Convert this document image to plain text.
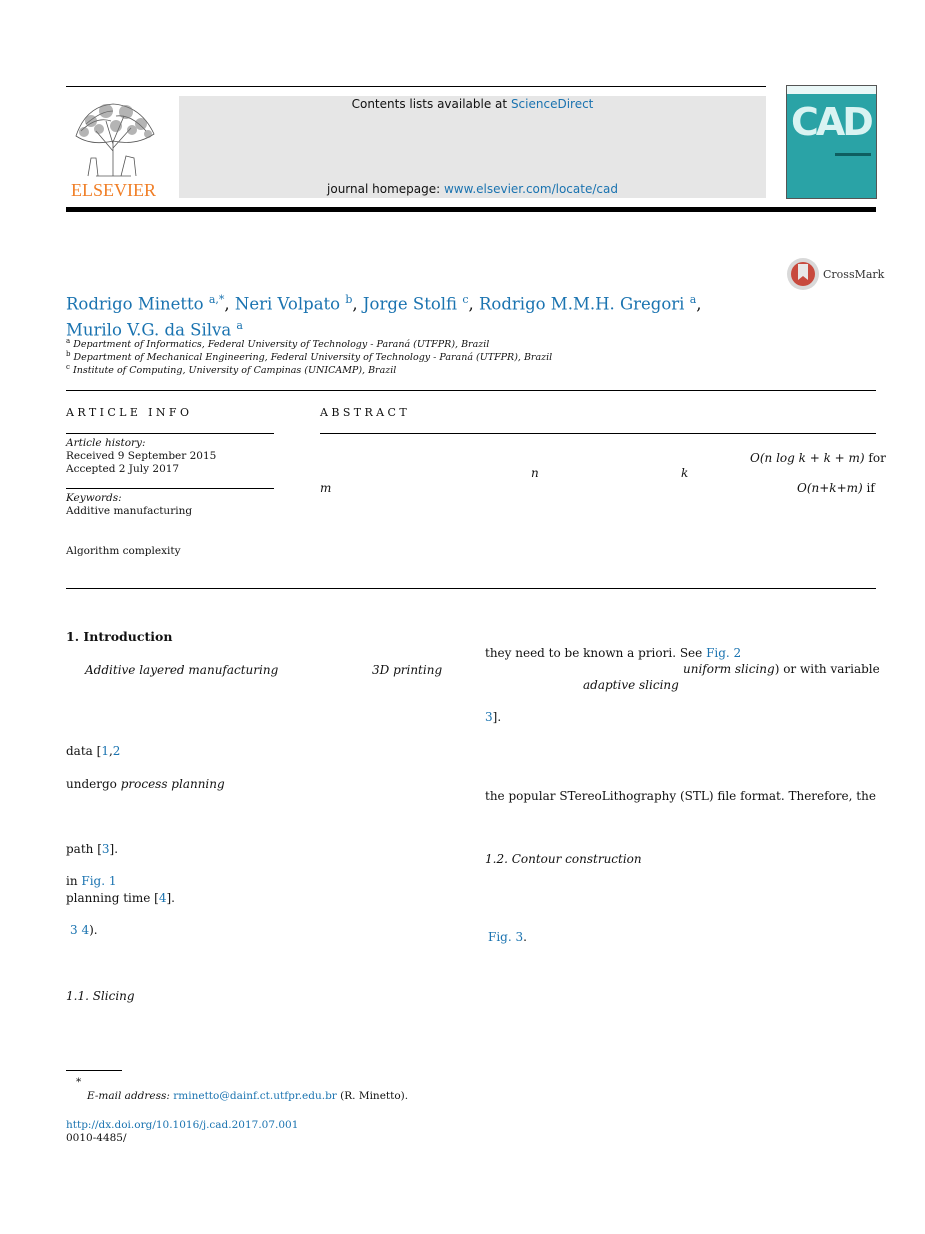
ELSEVIER
Contents lists available at ScienceDirect
journal homepage: www.elsevier.com/locate/cad
CAD
CrossMark
Rodrigo Minetto $^{a,*}$, Neri Volpato $^b$, Jorge Stolfi $^c$, Rodrigo M.M.H. Gregori $^a$,
Murilo V.G. da Silva $^a$
$^a$ Department of Informatics, Federal University of Technology - Paraná (UTFPR), Brazil
$^b$ Department of Mechanical Engineering, Federal University of Technology - Paraná (UTFPR), Brazil
$^c$ Institute of Computing, University of Campinas (UNICAMP), Brazil
ARTICLE INFO
Article history:
Received 9 September 2015
Accepted 2 July 2017
Keywords:
Additive manufacturing
Algorithm complexity
ABSTRACT
O(n log k + k + m) for
n	k
m	O(n+k+m) if
1. Introduction
Additive layered manufacturing	3D printing
data [1,2
undergo process planning
path [3].
in Fig. 1
planning time [4].
3 4).
1.1. Slicing
they need to be known a priori. See Fig. 2
uniform slicing) or with variable
adaptive slicing
3].
the popular STereoLithography (STL) file format. Therefore, the
1.2. Contour construction
Fig. 3.
*
E-mail address: rminetto@dainf.ct.utfpr.edu.br (R. Minetto).
http://dx.doi.org/10.1016/j.cad.2017.07.001
0010-4485/
